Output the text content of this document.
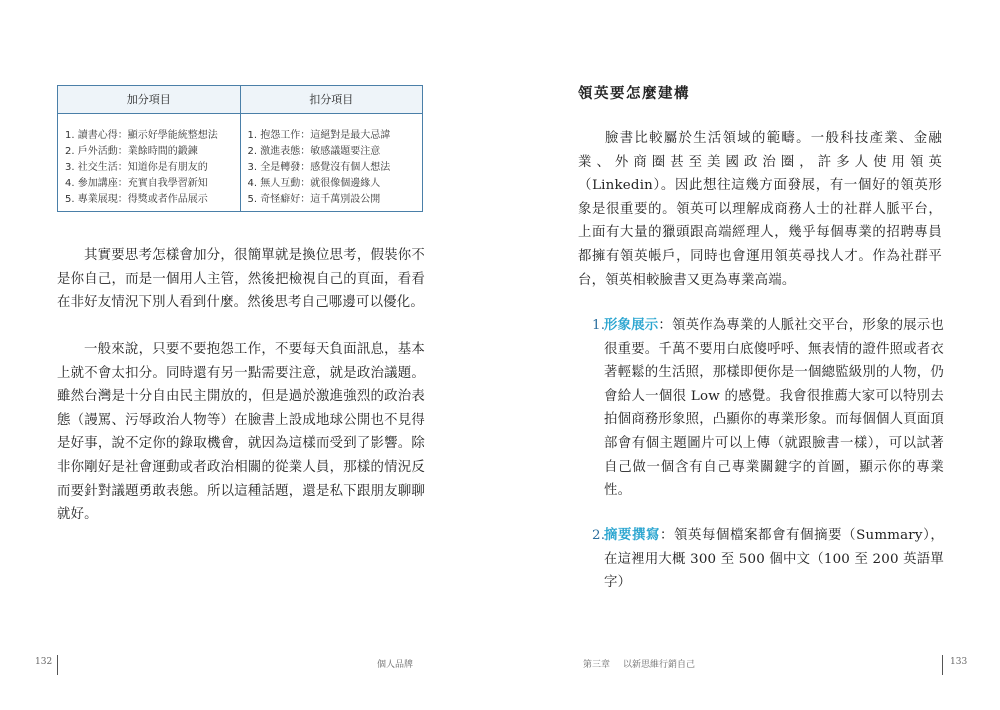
加分項目	扣分項目
1. 讀書心得：顯示好學能統整想法
2. 戶外活動：業餘時間的鍛鍊
3. 社交生活：知道你是有朋友的
4. 參加講座：充實自我學習新知
5. 專業展現：得獎或者作品展示
1. 抱怨工作：這絕對是最大忌諱
2. 激進表態：敏感議題要注意
3. 全是轉發：感覺沒有個人想法
4. 無人互動：就很像個邊緣人
5. 奇怪癖好：這千萬別設公開

其實要思考怎樣會加分，很簡單就是換位思考，假裝你不是你自己，而是一個用人主管，然後把檢視自己的頁面，看看在非好友情況下別人看到什麼。然後思考自己哪邊可以優化。

一般來說，只要不要抱怨工作，不要每天負面訊息，基本上就不會太扣分。同時還有另一點需要注意，就是政治議題。雖然台灣是十分自由民主開放的，但是過於激進強烈的政治表態（謾罵、污辱政治人物等）在臉書上設成地球公開也不見得是好事，說不定你的錄取機會，就因為這樣而受到了影響。除非你剛好是社會運動或者政治相關的從業人員，那樣的情況反而要針對議題勇敢表態。所以這種話題，還是私下跟朋友聊聊就好。

132	個人品牌
領英要怎麼建構

臉書比較屬於生活領域的範疇。一般科技產業、金融業、外商圈甚至美國政治圈，許多人使用領英（Linkedin）。因此想往這幾方面發展，有一個好的領英形象是很重要的。領英可以理解成商務人士的社群人脈平台，上面有大量的獵頭跟高端經理人，幾乎每個專業的招聘專員都擁有領英帳戶，同時也會運用領英尋找人才。作為社群平台，領英相較臉書又更為專業高端。

1.
形象展示：領英作為專業的人脈社交平台，形象的展示也很重要。千萬不要用白底傻呼呼、無表情的證件照或者衣著輕鬆的生活照，那樣即便你是一個總監級別的人物，仍會給人一個很 Low 的感覺。我會很推薦大家可以特別去拍個商務形象照，凸顯你的專業形象。而每個個人頁面頂部會有個主題圖片可以上傳（就跟臉書一樣），可以試著自己做一個含有自己專業關鍵字的首圖，顯示你的專業性。
2.
摘要撰寫：領英每個檔案都會有個摘要（Summary），在這裡用大概 300 至 500 個中文（100 至 200 英語單字）
第三章 以新思維行銷自己	133
